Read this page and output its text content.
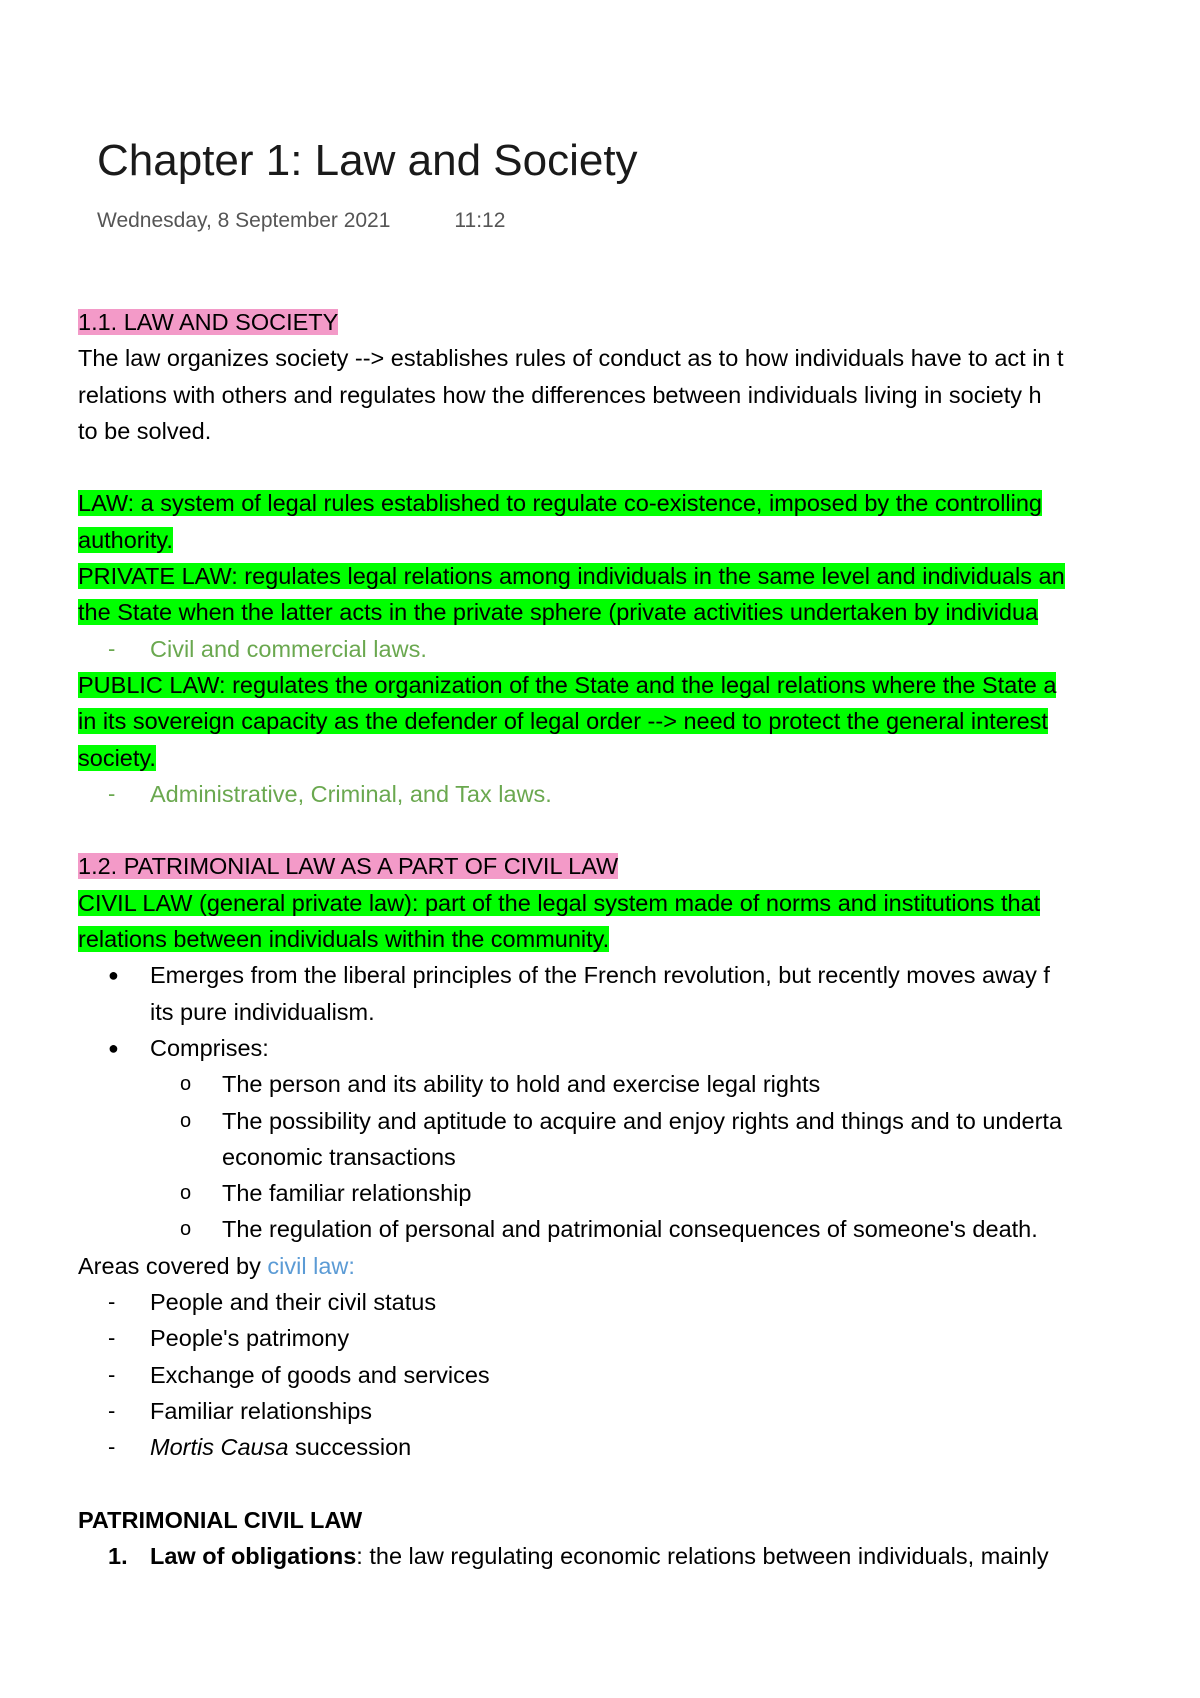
Chapter 1: Law and Society
Wednesday, 8 September 2021	11:12
1.1. LAW AND SOCIETY
The law organizes society --> establishes rules of conduct as to how individuals have to act in t
relations with others and regulates how the differences between individuals living in society h
to be solved.
LAW: a system of legal rules established to regulate co-existence, imposed by the controlling
authority.
PRIVATE LAW: regulates legal relations among individuals in the same level and individuals an
the State when the latter acts in the private sphere (private activities undertaken by individua
- Civil and commercial laws.
PUBLIC LAW: regulates the organization of the State and the legal relations where the State a
in its sovereign capacity as the defender of legal order --> need to protect the general interest
society.
- Administrative, Criminal, and Tax laws.
1.2. PATRIMONIAL LAW AS A PART OF CIVIL LAW
CIVIL LAW (general private law): part of the legal system made of norms and institutions that
relations between individuals within the community.
● Emerges from the liberal principles of the French revolution, but recently moves away f
its pure individualism.
● Comprises:
o The person and its ability to hold and exercise legal rights
o The possibility and aptitude to acquire and enjoy rights and things and to underta
economic transactions
o The familiar relationship
o The regulation of personal and patrimonial consequences of someone's death.
Areas covered by civil law:
- People and their civil status
- People's patrimony
- Exchange of goods and services
- Familiar relationships
- Mortis Causa succession
PATRIMONIAL CIVIL LAW
1. Law of obligations: the law regulating economic relations between individuals, mainly
